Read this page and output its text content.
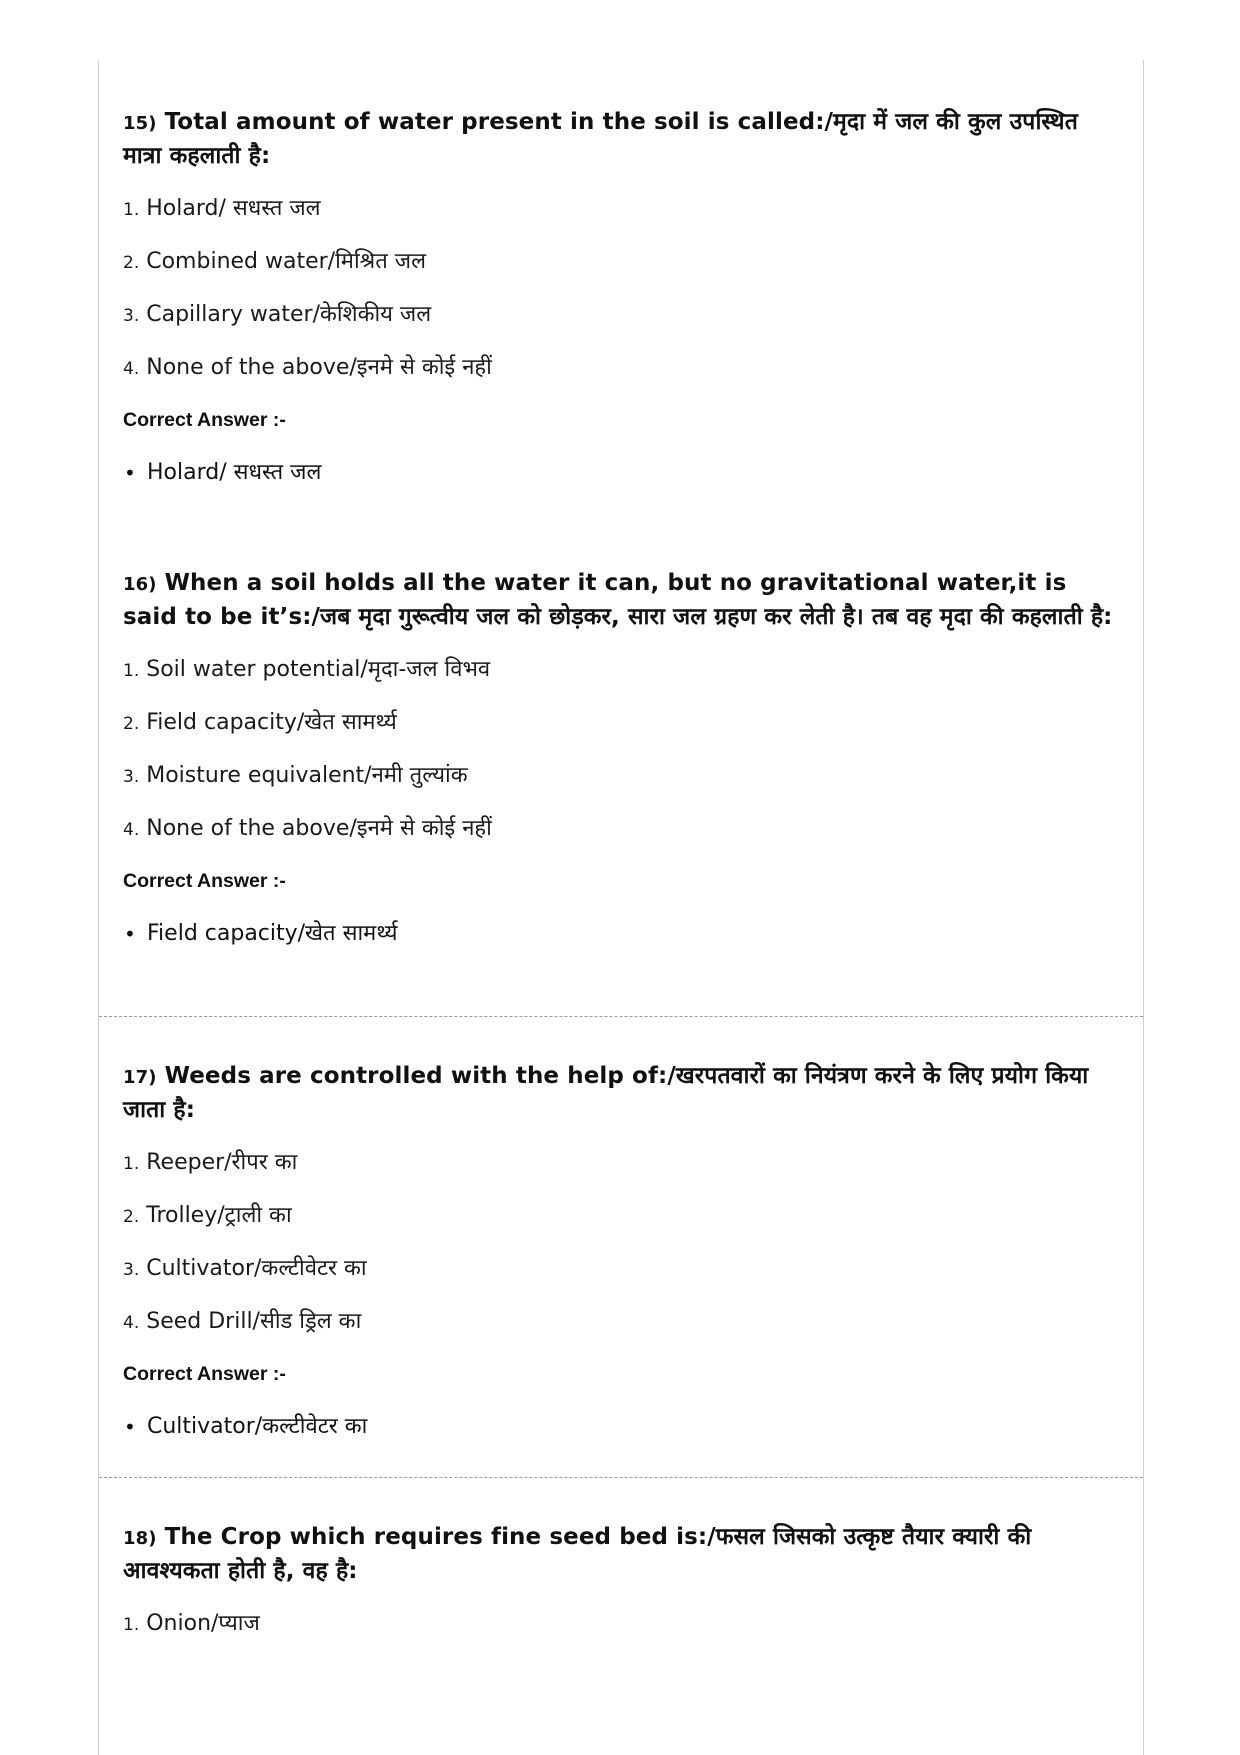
15) Total amount of water present in the soil is called:/मृदा में जल की कुल उपस्थित मात्रा कहलाती है:
1. Holard/ सधस्त जल
2. Combined water/मिश्रित जल
3. Capillary water/केशिकीय जल
4. None of the above/इनमे से कोई नहीं
Correct Answer :-
• Holard/ सधस्त जल
16) When a soil holds all the water it can, but no gravitational water,it is said to be it’s:/जब मृदा गुरूत्वीय जल को छोड़कर, सारा जल ग्रहण कर लेती है। तब वह मृदा की कहलाती है:
1. Soil water potential/मृदा-जल विभव
2. Field capacity/खेत सामर्थ्य
3. Moisture equivalent/नमी तुल्यांक
4. None of the above/इनमे से कोई नहीं
Correct Answer :-
• Field capacity/खेत सामर्थ्य
17) Weeds are controlled with the help of:/खरपतवारों का नियंत्रण करने के लिए प्रयोग किया जाता है:
1. Reeper/रीपर का
2. Trolley/ट्राली का
3. Cultivator/कल्टीवेटर का
4. Seed Drill/सीड ड्रिल का
Correct Answer :-
• Cultivator/कल्टीवेटर का
18) The Crop which requires fine seed bed is:/फसल जिसको उत्कृष्ट तैयार क्यारी की आवश्यकता होती है, वह है:
1. Onion/प्याज
